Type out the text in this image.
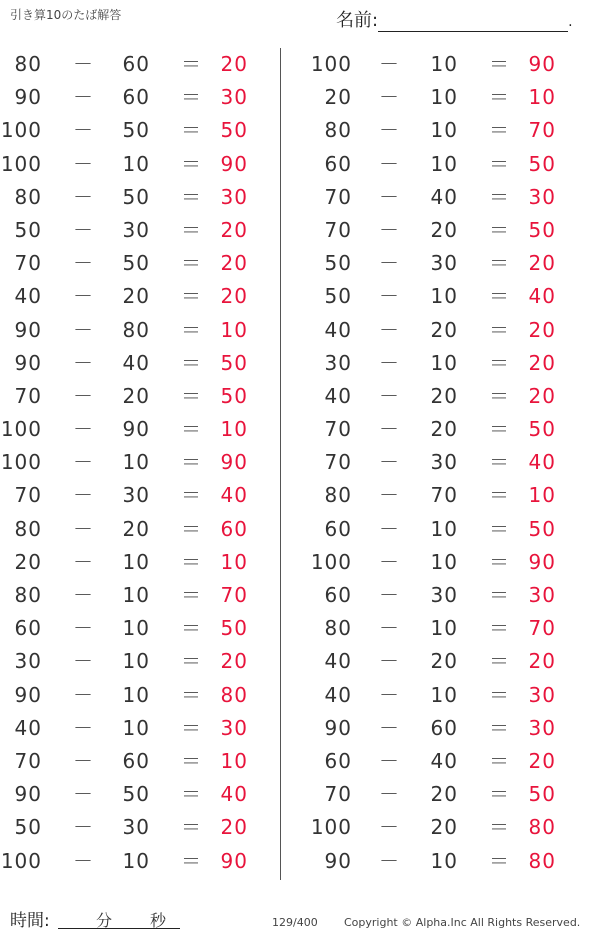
引き算10のたば解答	名前:	.
80 －	60 ＝ 20
90 －	60 ＝ 30
100 －	50 ＝ 50
100 －	10 ＝ 90
80 －	50 ＝ 30
50 －	30 ＝ 20
70 －	50 ＝ 20
40 －	20 ＝ 20
90 －	80 ＝ 10
90 －	40 ＝ 50
70 －	20 ＝ 50
100 －	90 ＝ 10
100 －	10 ＝ 90
70 －	30 ＝ 40
80 －	20 ＝ 60
20 －	10 ＝ 10
80 －	10 ＝ 70
60 －	10 ＝ 50
30 －	10 ＝ 20
90 －	10 ＝ 80
40 －	10 ＝ 30
70 －	60 ＝ 10
90 －	50 ＝ 40
50 －	30 ＝ 20
100 －	10 ＝ 90
100 －	10 ＝ 90
20 －	10 ＝ 10
80 －	10 ＝ 70
60 －	10 ＝ 50
70 －	40 ＝ 30
70 －	20 ＝ 50
50 －	30 ＝ 20
50 －	10 ＝ 40
40 －	20 ＝ 20
30 －	10 ＝ 20
40 －	20 ＝ 20
70 －	20 ＝ 50
70 －	30 ＝ 40
80 －	70 ＝ 10
60 －	10 ＝ 50
100 －	10 ＝ 90
60 －	30 ＝ 30
80 －	10 ＝ 70
40 －	20 ＝ 20
40 －	10 ＝ 30
90 －	60 ＝ 30
60 －	40 ＝ 20
70 －	20 ＝ 50
100 －	20 ＝ 80
90 －	10 ＝ 80
時間:	分 秒	129/400 Copyright © Alpha.Inc All Rights Reserved.
